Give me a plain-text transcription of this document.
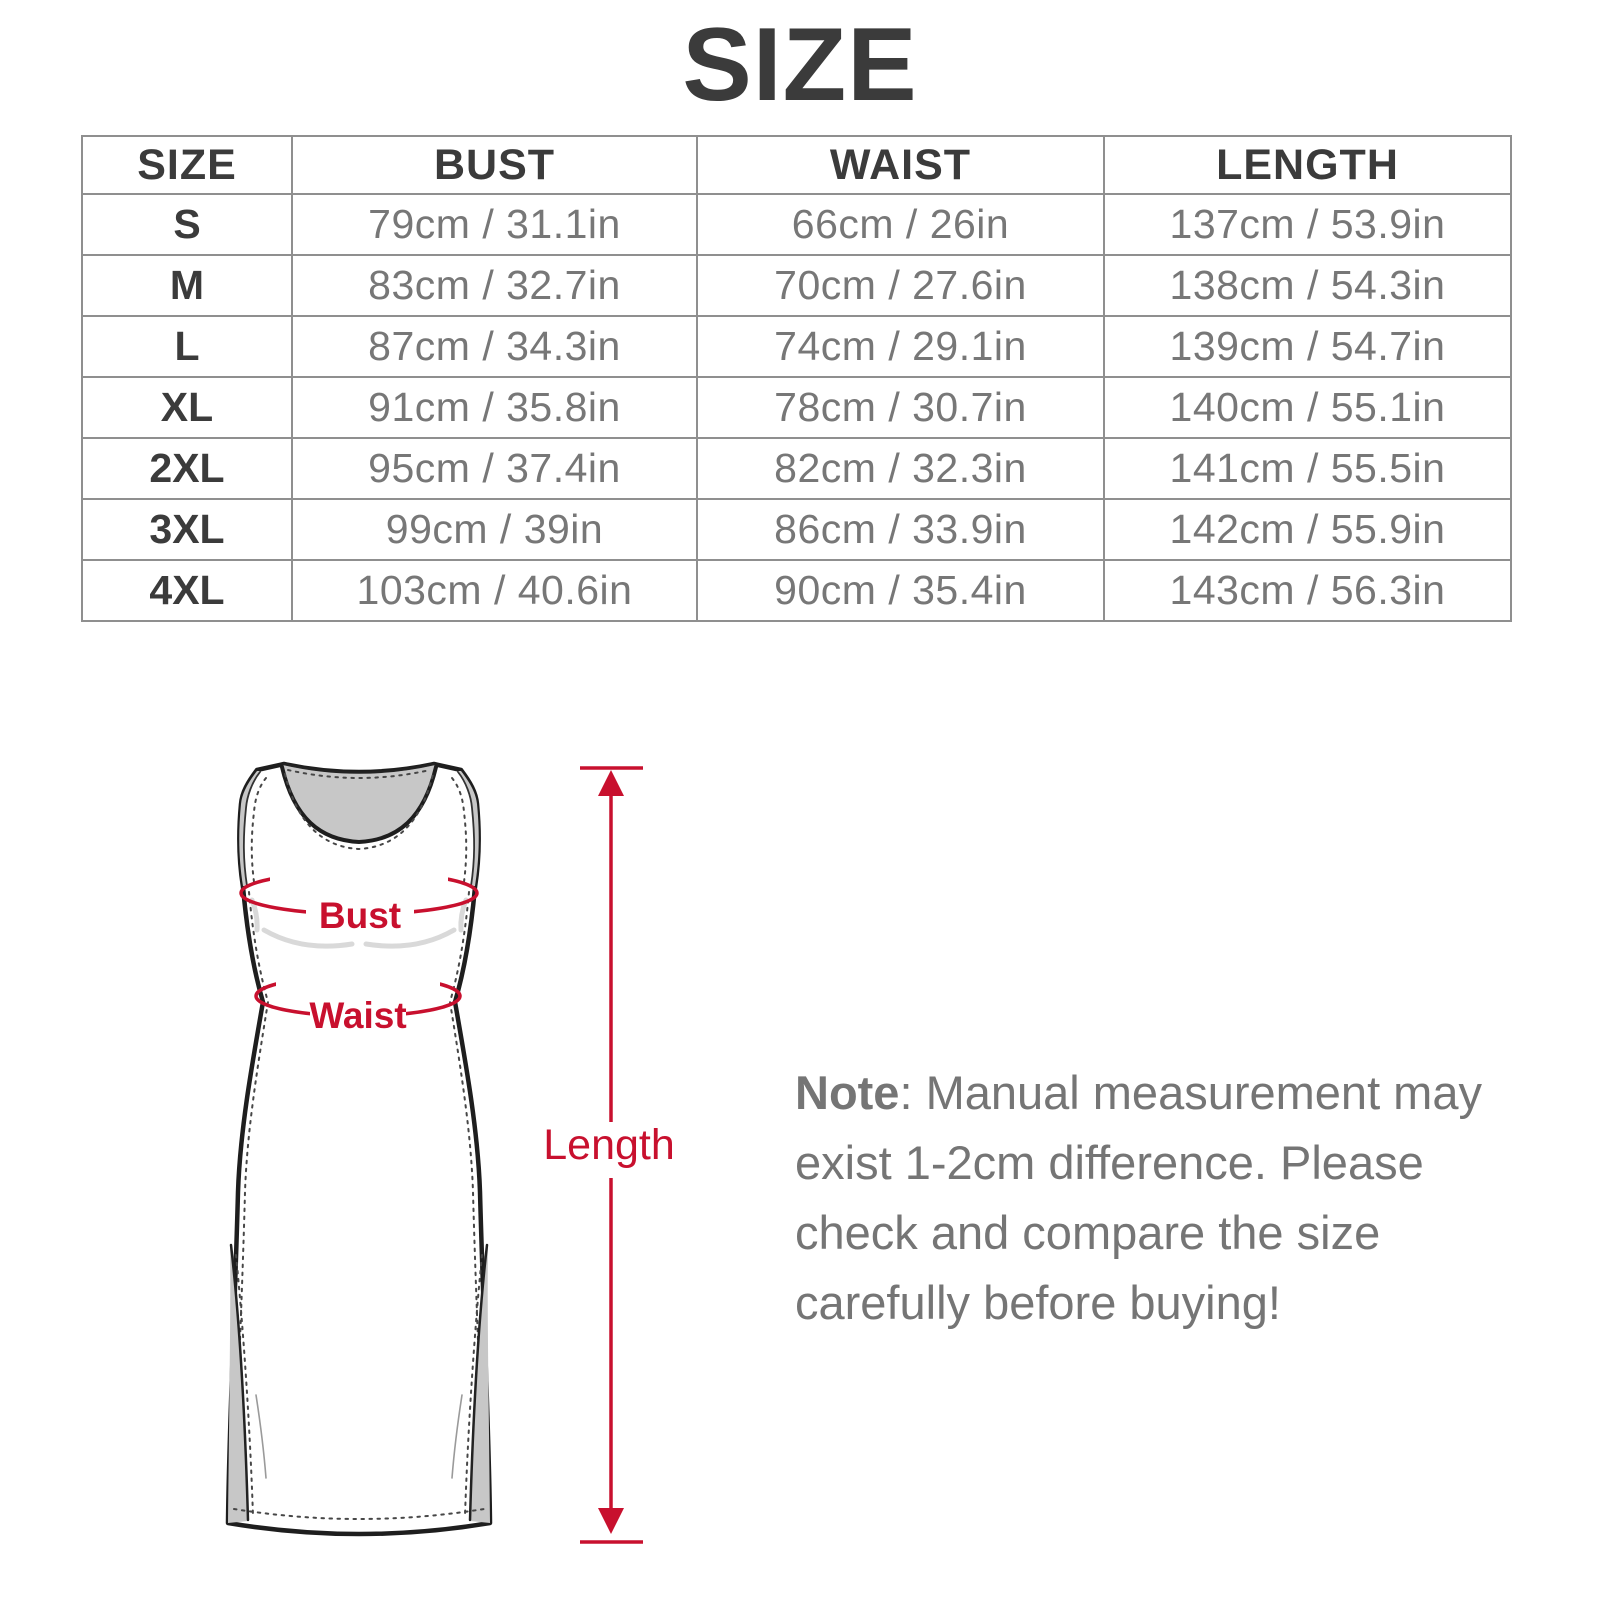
SIZE
SIZE	BUST	WAIST	LENGTH
S	79cm / 31.1in	66cm / 26in	137cm / 53.9in
M	83cm / 32.7in	70cm / 27.6in	138cm / 54.3in
L	87cm / 34.3in	74cm / 29.1in	139cm / 54.7in
XL	91cm / 35.8in	78cm / 30.7in	140cm / 55.1in
2XL	95cm / 37.4in	82cm / 32.3in	141cm / 55.5in
3XL	99cm / 39in	86cm / 33.9in	142cm / 55.9in
4XL	103cm / 40.6in	90cm / 35.4in	143cm / 56.3in
Bust
Waist
Length
Note: Manual measurement may
exist 1-2cm difference. Please
check and compare the size
carefully before buying!
